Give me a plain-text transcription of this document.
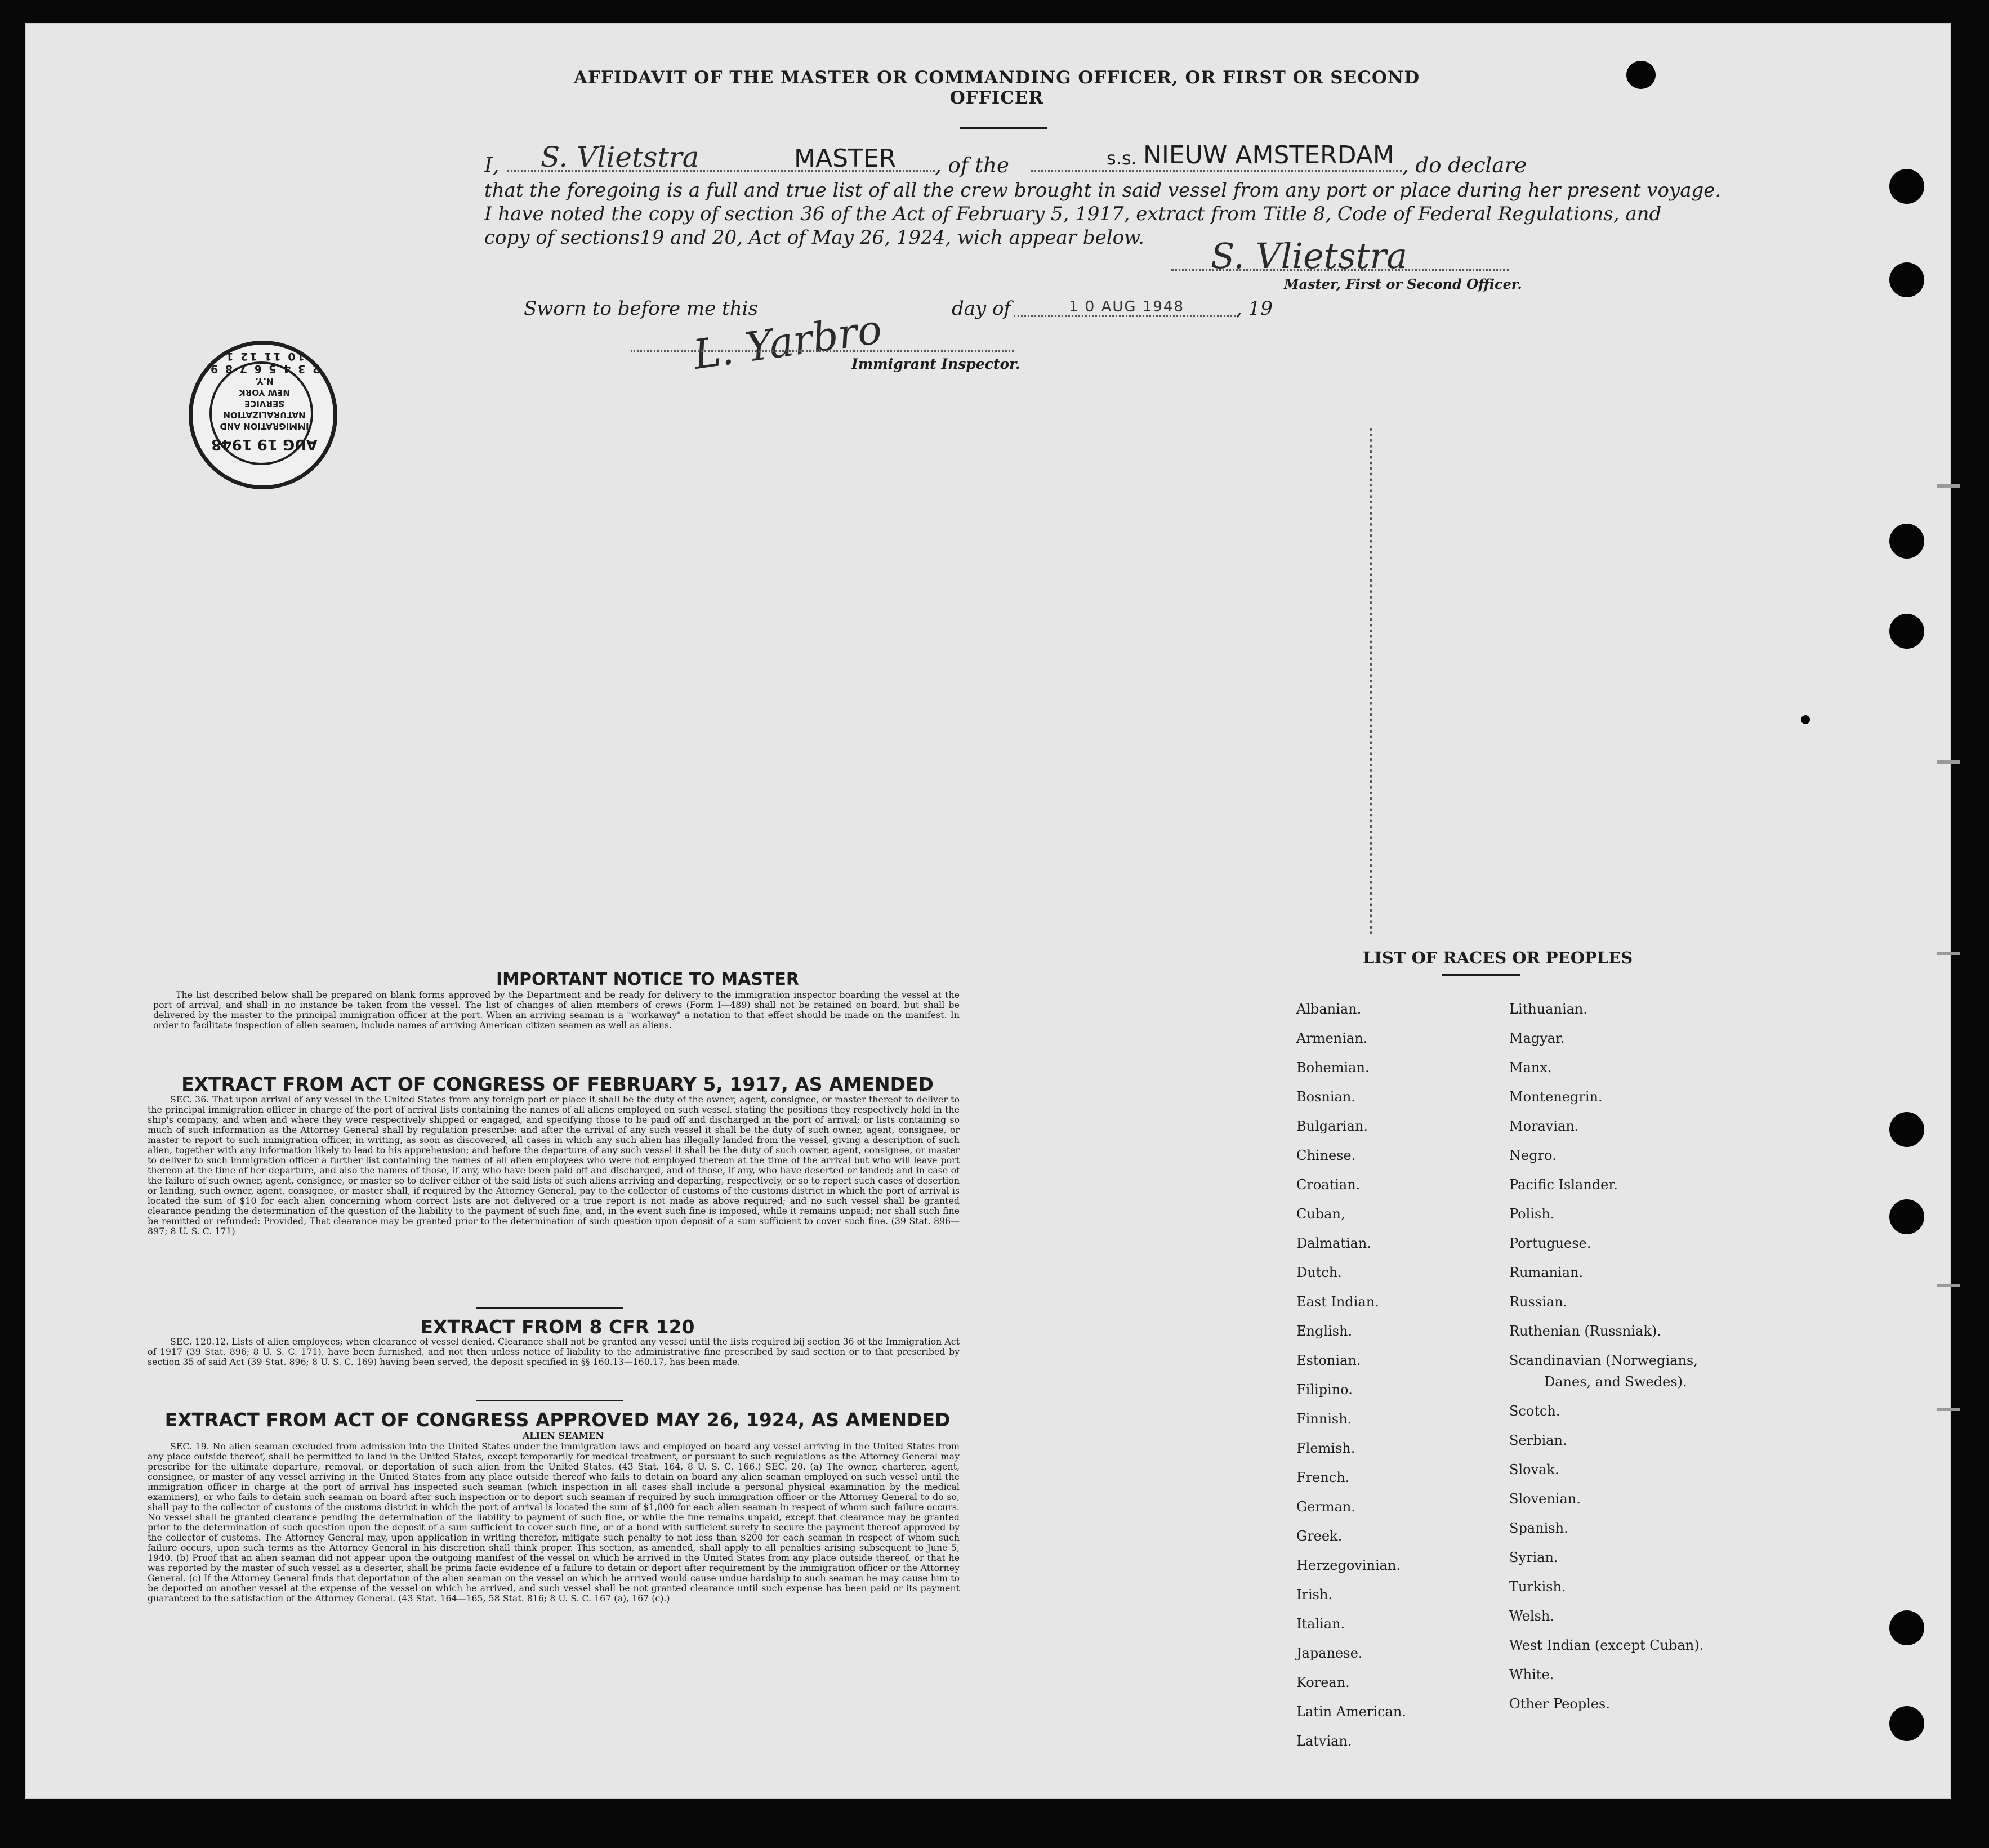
AFFIDAVIT OF THE MASTER OR COMMANDING OFFICER, OR FIRST OR SECOND OFFICER
I, S. Vlietstra	MASTER , of the	s.s. NIEUW AMSTERDAM , do declare
that the foregoing is a full and true list of all the crew brought in said vessel from any port or place during her present voyage.
I have noted the copy of section 36 of the Act of February 5, 1917, extract from Title 8, Code of Federal Regulations, and
copy of sections19 and 20, Act of May 26, 1924, wich appear below. S. Vlietstra
Master, First or Second Officer.
Sworn to before me this	day of	1 0 AUG 1948	, 19
L. Yarbro
Immigrant Inspector.
2 3 4 5 6 7 8 9 10 11 12 1
AUG 19 1948
IMMIGRATION AND
NATURALIZATION
SERVICE
NEW YORK
N.Y.
IMPORTANT NOTICE TO MASTER
The list described below shall be prepared on blank forms approved by the Department and be ready for delivery to the immigration inspector boarding the vessel at the port of arrival, and shall in no instance be taken from the vessel. The list of changes of alien members of crews (Form I—489) shall not be retained on board, but shall be delivered by the master to the principal immigration officer at the port. When an arriving seaman is a "workaway" a notation to that effect should be made on the manifest. In order to facilitate inspection of alien seamen, include names of arriving American citizen seamen as well as aliens.
EXTRACT FROM ACT OF CONGRESS OF FEBRUARY 5, 1917, AS AMENDED
SEC. 36. That upon arrival of any vessel in the United States from any foreign port or place it shall be the duty of the owner, agent, consignee, or master thereof to deliver to the principal immigration officer in charge of the port of arrival lists containing the names of all aliens employed on such vessel, stating the positions they respectively hold in the ship's company, and when and where they were respectively shipped or engaged, and specifying those to be paid off and discharged in the port of arrival; or lists containing so much of such information as the Attorney General shall by regulation prescribe; and after the arrival of any such vessel it shall be the duty of such owner, agent, consignee, or master to report to such immigration officer, in writing, as soon as discovered, all cases in which any such alien has illegally landed from the vessel, giving a description of such alien, together with any information likely to lead to his apprehension; and before the departure of any such vessel it shall be the duty of such owner, agent, consignee, or master to deliver to such immigration officer a further list containing the names of all alien employees who were not employed thereon at the time of the arrival but who will leave port thereon at the time of her departure, and also the names of those, if any, who have been paid off and discharged, and of those, if any, who have deserted or landed; and in case of the failure of such owner, agent, consignee, or master so to deliver either of the said lists of such aliens arriving and departing, respectively, or so to report such cases of desertion or landing, such owner, agent, consignee, or master shall, if required by the Attorney General, pay to the collector of customs of the customs district in which the port of arrival is located the sum of $10 for each alien concerning whom correct lists are not delivered or a true report is not made as above required; and no such vessel shall be granted clearance pending the determination of the question of the liability to the payment of such fine, and, in the event such fine is imposed, while it remains unpaid; nor shall such fine be remitted or refunded: Provided, That clearance may be granted prior to the determination of such question upon deposit of a sum sufficient to cover such fine. (39 Stat. 896—897; 8 U. S. C. 171)
EXTRACT FROM 8 CFR 120
SEC. 120.12. Lists of alien employees; when clearance of vessel denied. Clearance shall not be granted any vessel until the lists required bij section 36 of the Immigration Act of 1917 (39 Stat. 896; 8 U. S. C. 171), have been furnished, and not then unless notice of liability to the administrative fine prescribed by said section or to that prescribed by section 35 of said Act (39 Stat. 896; 8 U. S. C. 169) having been served, the deposit specified in §§ 160.13—160.17, has been made.
EXTRACT FROM ACT OF CONGRESS APPROVED MAY 26, 1924, AS AMENDED
ALIEN SEAMEN
SEC. 19. No alien seaman excluded from admission into the United States under the immigration laws and employed on board any vessel arriving in the United States from any place outside thereof, shall be permitted to land in the United States, except temporarily for medical treatment, or pursuant to such regulations as the Attorney General may prescribe for the ultimate departure, removal, or deportation of such alien from the United States. (43 Stat. 164, 8 U. S. C. 166.) SEC. 20. (a) The owner, charterer, agent, consignee, or master of any vessel arriving in the United States from any place outside thereof who fails to detain on board any alien seaman employed on such vessel until the immigration officer in charge at the port of arrival has inspected such seaman (which inspection in all cases shall include a personal physical examination by the medical examiners), or who fails to detain such seaman on board after such inspection or to deport such seaman if required by such immigration officer or the Attorney General to do so, shall pay to the collector of customs of the customs district in which the port of arrival is located the sum of $1,000 for each alien seaman in respect of whom such failure occurs. No vessel shall be granted clearance pending the determination of the liability to payment of such fine, or while the fine remains unpaid, except that clearance may be granted prior to the determination of such question upon the deposit of a sum sufficient to cover such fine, or of a bond with sufficient surety to secure the payment thereof approved by the collector of customs. The Attorney General may, upon application in writing therefor, mitigate such penalty to not less than $200 for each seaman in respect of whom such failure occurs, upon such terms as the Attorney General in his discretion shall think proper. This section, as amended, shall apply to all penalties arising subsequent to June 5, 1940. (b) Proof that an alien seaman did not appear upon the outgoing manifest of the vessel on which he arrived in the United States from any place outside thereof, or that he was reported by the master of such vessel as a deserter, shall be prima facie evidence of a failure to detain or deport after requirement by the immigration officer or the Attorney General. (c) If the Attorney General finds that deportation of the alien seaman on the vessel on which he arrived would cause undue hardship to such seaman he may cause him to be deported on another vessel at the expense of the vessel on which he arrived, and such vessel shall be not granted clearance until such expense has been paid or its payment guaranteed to the satisfaction of the Attorney General. (43 Stat. 164—165, 58 Stat. 816; 8 U. S. C. 167 (a), 167 (c).)
LIST OF RACES OR PEOPLES
Albanian.
Armenian.
Bohemian.
Bosnian.
Bulgarian.
Chinese.
Croatian.
Cuban,
Dalmatian.
Dutch.
East Indian.
English.
Estonian.
Filipino.
Finnish.
Flemish.
French.
German.
Greek.
Herzegovinian.
Irish.
Italian.
Japanese.
Korean.
Latin American.
Latvian.
Lithuanian.
Magyar.
Manx.
Montenegrin.
Moravian.
Negro.
Pacific Islander.
Polish.
Portuguese.
Rumanian.
Russian.
Ruthenian (Russniak).
Scandinavian (Norwegians,
Danes, and Swedes).
Scotch.
Serbian.
Slovak.
Slovenian.
Spanish.
Syrian.
Turkish.
Welsh.
West Indian (except Cuban).
White.
Other Peoples.
